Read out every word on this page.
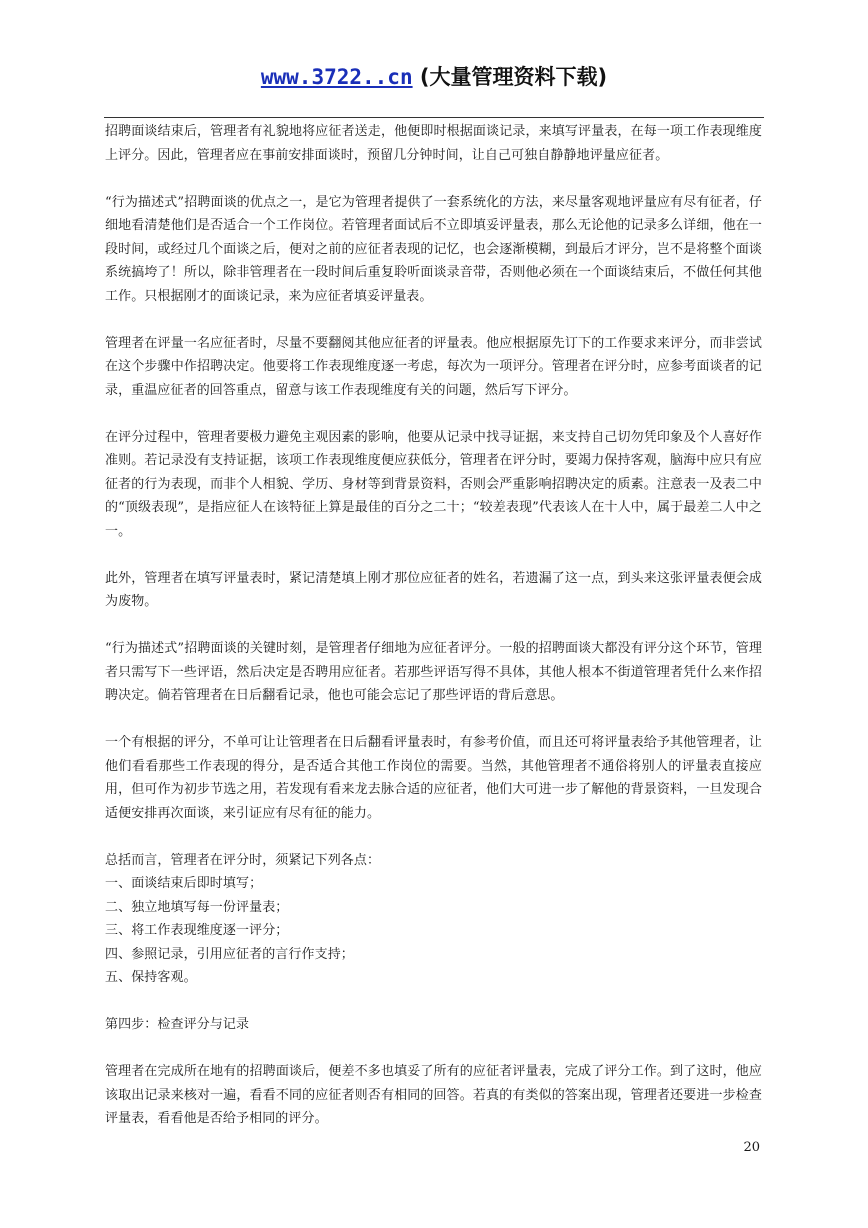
www.3722..cn (大量管理资料下载)

招聘面谈结束后，管理者有礼貌地将应征者送走，他便即时根据面谈记录，来填写评量表，在每一项工作表现维度上评分。因此，管理者应在事前安排面谈时，预留几分钟时间，让自己可独自静静地评量应征者。

“行为描述式”招聘面谈的优点之一，是它为管理者提供了一套系统化的方法，来尽量客观地评量应有尽有征者，仔细地看清楚他们是否适合一个工作岗位。若管理者面试后不立即填妥评量表，那么无论他的记录多么详细，他在一段时间，或经过几个面谈之后，便对之前的应征者表现的记忆，也会逐渐模糊，到最后才评分，岂不是将整个面谈系统搞垮了！所以，除非管理者在一段时间后重复聆听面谈录音带，否则他必须在一个面谈结束后，不做任何其他工作。只根据刚才的面谈记录，来为应征者填妥评量表。

管理者在评量一名应征者时，尽量不要翻阅其他应征者的评量表。他应根据原先订下的工作要求来评分，而非尝试在这个步骤中作招聘决定。他要将工作表现维度逐一考虑，每次为一项评分。管理者在评分时，应参考面谈者的记录，重温应征者的回答重点，留意与该工作表现维度有关的问题，然后写下评分。

在评分过程中，管理者要极力避免主观因素的影响，他要从记录中找寻证据，来支持自己切勿凭印象及个人喜好作准则。若记录没有支持证据，该项工作表现维度便应获低分，管理者在评分时，要竭力保持客观，脑海中应只有应征者的行为表现，而非个人相貌、学历、身材等到背景资料，否则会严重影响招聘决定的质素。注意表一及表二中的“顶级表现”，是指应征人在该特征上算是最佳的百分之二十；“较差表现”代表该人在十人中，属于最差二人中之一。

此外，管理者在填写评量表时，紧记清楚填上刚才那位应征者的姓名，若遗漏了这一点，到头来这张评量表便会成为废物。

“行为描述式”招聘面谈的关键时刻，是管理者仔细地为应征者评分。一般的招聘面谈大都没有评分这个环节，管理者只需写下一些评语，然后决定是否聘用应征者。若那些评语写得不具体，其他人根本不街道管理者凭什么来作招聘决定。倘若管理者在日后翻看记录，他也可能会忘记了那些评语的背后意思。

一个有根据的评分，不单可让让管理者在日后翻看评量表时，有参考价值，而且还可将评量表给予其他管理者，让他们看看那些工作表现的得分，是否适合其他工作岗位的需要。当然，其他管理者不通俗将别人的评量表直接应用，但可作为初步节选之用，若发现有看来龙去脉合适的应征者，他们大可进一步了解他的背景资料，一旦发现合适便安排再次面谈，来引证应有尽有征的能力。

总括而言，管理者在评分时，须紧记下列各点：

一、面谈结束后即时填写；

二、独立地填写每一份评量表；

三、将工作表现维度逐一评分；

四、参照记录，引用应征者的言行作支持；

五、保持客观。

第四步：检查评分与记录

管理者在完成所在地有的招聘面谈后，便差不多也填妥了所有的应征者评量表，完成了评分工作。到了这时，他应该取出记录来核对一遍，看看不同的应征者则否有相同的回答。若真的有类似的答案出现，管理者还要进一步检查评量表，看看他是否给予相同的评分。

20
